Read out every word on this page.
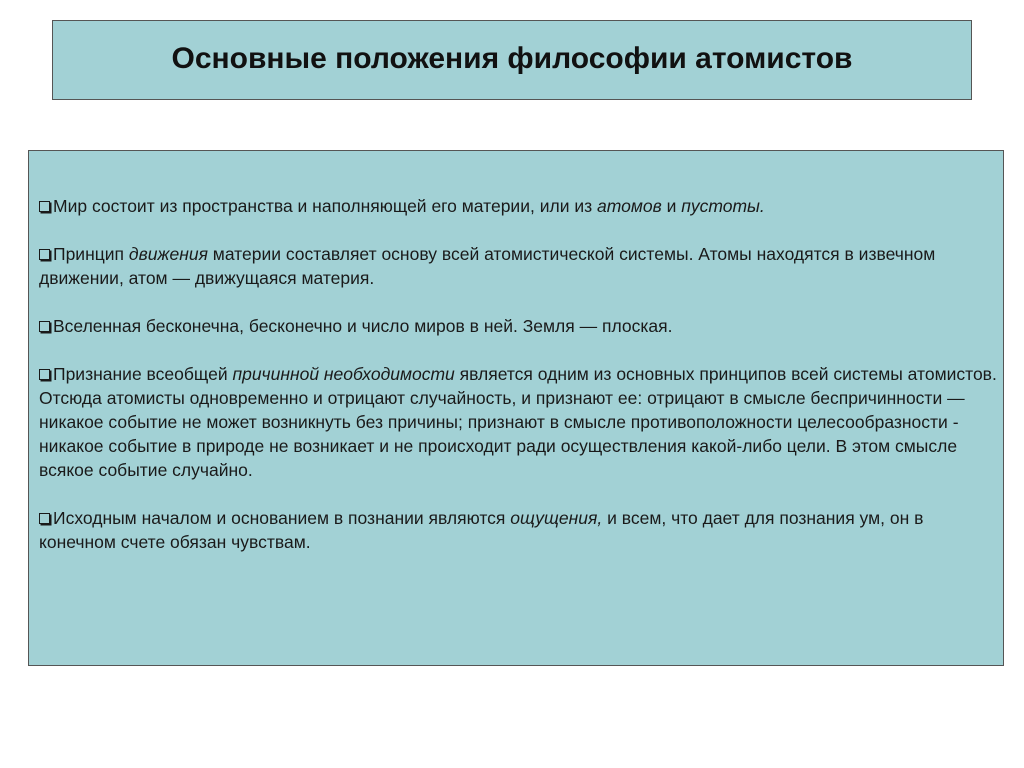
Основные положения философии атомистов
Мир состоит из пространства и наполняющей его материи, или из атомов и пустоты.
Принцип движения материи составляет основу всей атомистической системы. Атомы находятся в извечном движении, атом — движущаяся материя.
Вселенная бесконечна, бесконечно и число миров в ней. Земля — плоская.
Признание всеобщей причинной необходимости является одним из основных принципов всей системы атомистов. Отсюда атомисты одновременно и отрицают случайность, и признают ее: отрицают в смысле беспричинности — никакое событие не может возникнуть без причины; признают в смысле противоположности целесообразности - никакое событие в природе не возникает и не происходит ради осуществления какой-либо цели. В этом смысле всякое событие случайно.
Исходным началом и основанием в познании являются ощущения, и всем, что дает для познания ум, он в конечном счете обязан чувствам.
